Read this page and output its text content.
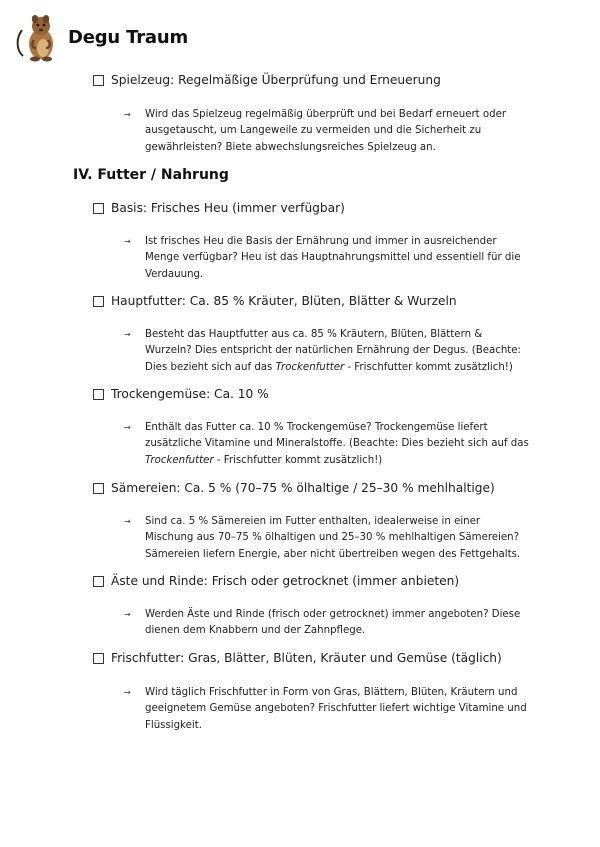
Degu Traum
Spielzeug: Regelmäßige Überprüfung und Erneuerung
→	Wird das Spielzeug regelmäßig überprüft und bei Bedarf erneuert oder ausgetauscht, um Langeweile zu vermeiden und die Sicherheit zu gewährleisten? Biete abwechslungsreiches Spielzeug an.
IV. Futter / Nahrung
Basis: Frisches Heu (immer verfügbar)
→	Ist frisches Heu die Basis der Ernährung und immer in ausreichender Menge verfügbar? Heu ist das Hauptnahrungsmittel und essentiell für die Verdauung.
Hauptfutter: Ca. 85 % Kräuter, Blüten, Blätter & Wurzeln
→	Besteht das Hauptfutter aus ca. 85 % Kräutern, Blüten, Blättern & Wurzeln? Dies entspricht der natürlichen Ernährung der Degus. (Beachte: Dies bezieht sich auf das Trockenfutter - Frischfutter kommt zusätzlich!)
Trockengemüse: Ca. 10 %
→	Enthält das Futter ca. 10 % Trockengemüse? Trockengemüse liefert zusätzliche Vitamine und Mineralstoffe. (Beachte: Dies bezieht sich auf das Trockenfutter - Frischfutter kommt zusätzlich!)
Sämereien: Ca. 5 % (70–75 % ölhaltige / 25–30 % mehlhaltige)
→	Sind ca. 5 % Sämereien im Futter enthalten, idealerweise in einer Mischung aus 70–75 % ölhaltigen und 25–30 % mehlhaltigen Sämereien? Sämereien liefern Energie, aber nicht übertreiben wegen des Fettgehalts.
Äste und Rinde: Frisch oder getrocknet (immer anbieten)
→	Werden Äste und Rinde (frisch oder getrocknet) immer angeboten? Diese dienen dem Knabbern und der Zahnpflege.
Frischfutter: Gras, Blätter, Blüten, Kräuter und Gemüse (täglich)
→	Wird täglich Frischfutter in Form von Gras, Blättern, Blüten, Kräutern und geeignetem Gemüse angeboten? Frischfutter liefert wichtige Vitamine und Flüssigkeit.
